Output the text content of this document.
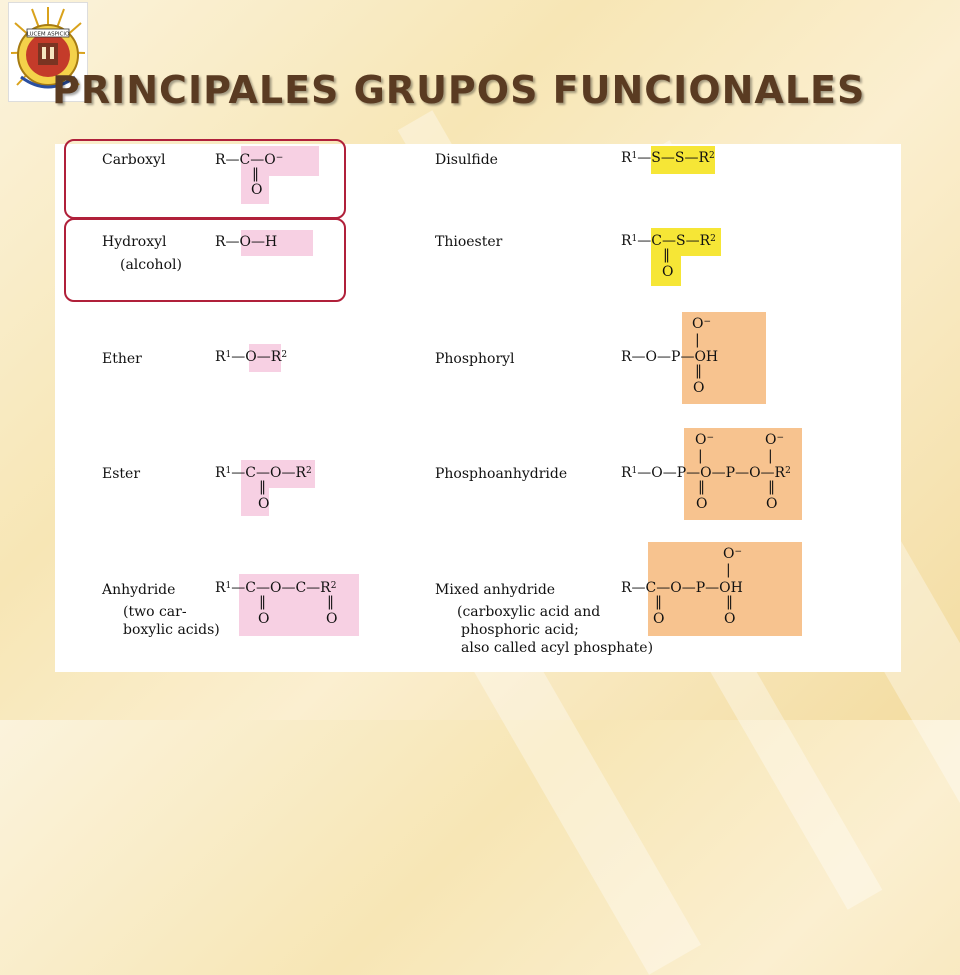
LUCEM ASPICIO
PRINCIPALES GRUPOS FUNCIONALES
Carboxyl	R—C—O−
‖
O
Hydroxyl
(alcohol)
R—O—H
Ether	$R^1—O—R^2$
Ester	$R^1—C—O—R^2$
‖
O
Anhydride
(two car-
boxylic acids)
$R^1—C—O—C—R^2$
‖
O
‖
O
Disulfide	$R^1—S—S—R^2$
Thioester	$R^1—C—S—R^2$
‖
O
Phosphoryl
O−
|
R—O—P—OH
‖
O
Phosphoanhydride
O−	O−
|	|
$R^1—O—P—O—P—O—R^2$
‖
O
‖
O
Mixed anhydride
(carboxylic acid and
phosphoric acid;
also called acyl phosphate)
O−
|
R—C—O—P—OH
‖
O
‖
O
